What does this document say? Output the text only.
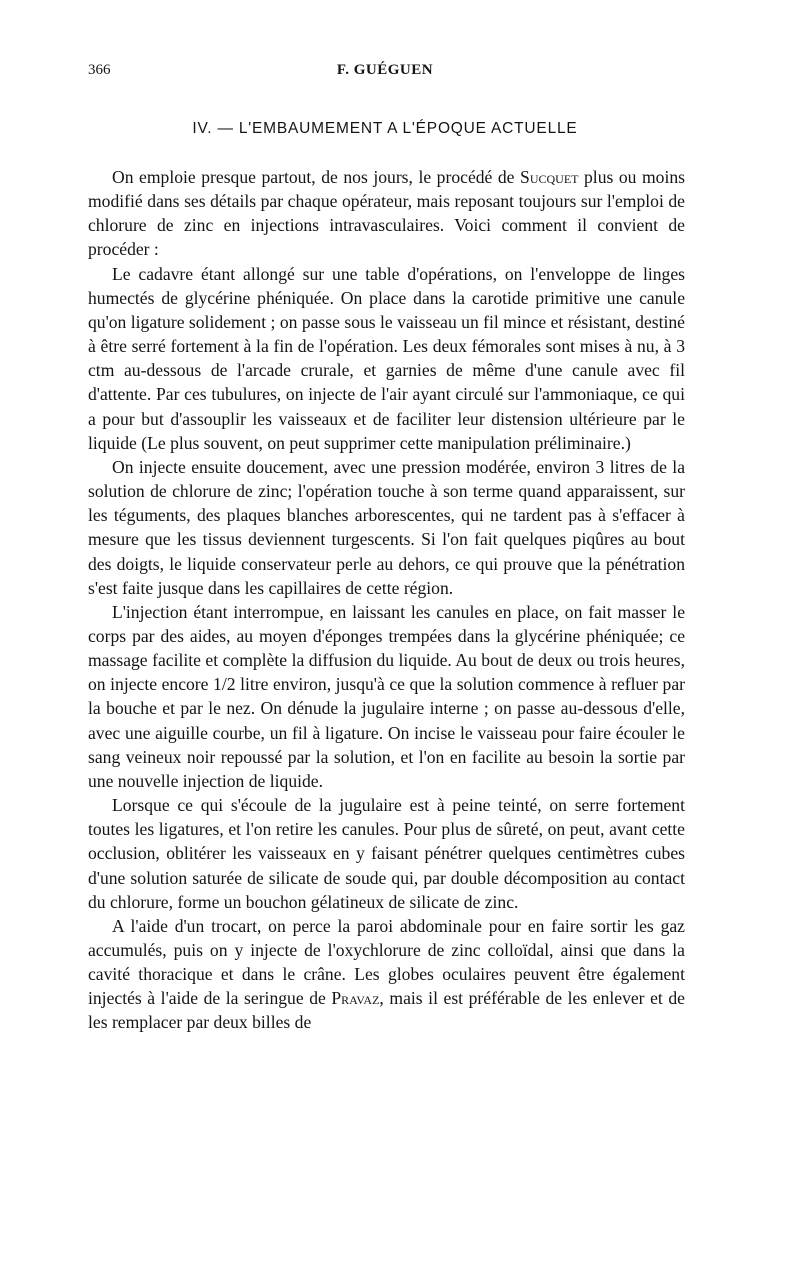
366	F. GUÉGUEN
IV. — L'EMBAUMEMENT A L'ÉPOQUE ACTUELLE

On emploie presque partout, de nos jours, le procédé de Sucquet plus ou moins modifié dans ses détails par chaque opérateur, mais reposant toujours sur l'emploi de chlorure de zinc en injections intravasculaires. Voici comment il convient de procéder :

Le cadavre étant allongé sur une table d'opérations, on l'enveloppe de linges humectés de glycérine phéniquée. On place dans la carotide primitive une canule qu'on ligature solidement ; on passe sous le vaisseau un fil mince et résistant, destiné à être serré fortement à la fin de l'opération. Les deux fémorales sont mises à nu, à 3 ctm au-dessous de l'arcade crurale, et garnies de même d'une canule avec fil d'attente. Par ces tubulures, on injecte de l'air ayant circulé sur l'ammoniaque, ce qui a pour but d'assouplir les vaisseaux et de faciliter leur distension ultérieure par le liquide (Le plus souvent, on peut supprimer cette manipulation préliminaire.)

On injecte ensuite doucement, avec une pression modérée, environ 3 litres de la solution de chlorure de zinc; l'opération touche à son terme quand apparaissent, sur les téguments, des plaques blanches arborescentes, qui ne tardent pas à s'effacer à mesure que les tissus deviennent turgescents. Si l'on fait quelques piqûres au bout des doigts, le liquide conservateur perle au dehors, ce qui prouve que la pénétration s'est faite jusque dans les capillaires de cette région.

L'injection étant interrompue, en laissant les canules en place, on fait masser le corps par des aides, au moyen d'éponges trempées dans la glycérine phéniquée; ce massage facilite et complète la diffusion du liquide. Au bout de deux ou trois heures, on injecte encore 1/2 litre environ, jusqu'à ce que la solution commence à refluer par la bouche et par le nez. On dénude la jugulaire interne ; on passe au-dessous d'elle, avec une aiguille courbe, un fil à ligature. On incise le vaisseau pour faire écouler le sang veineux noir repoussé par la solution, et l'on en facilite au besoin la sortie par une nouvelle injection de liquide.

Lorsque ce qui s'écoule de la jugulaire est à peine teinté, on serre fortement toutes les ligatures, et l'on retire les canules. Pour plus de sûreté, on peut, avant cette occlusion, oblitérer les vaisseaux en y faisant pénétrer quelques centimètres cubes d'une solution saturée de silicate de soude qui, par double décomposition au contact du chlorure, forme un bouchon gélatineux de silicate de zinc.

A l'aide d'un trocart, on perce la paroi abdominale pour en faire sortir les gaz accumulés, puis on y injecte de l'oxychlorure de zinc colloïdal, ainsi que dans la cavité thoracique et dans le crâne. Les globes oculaires peuvent être également injectés à l'aide de la seringue de Pravaz, mais il est préférable de les enlever et de les remplacer par deux billes de
